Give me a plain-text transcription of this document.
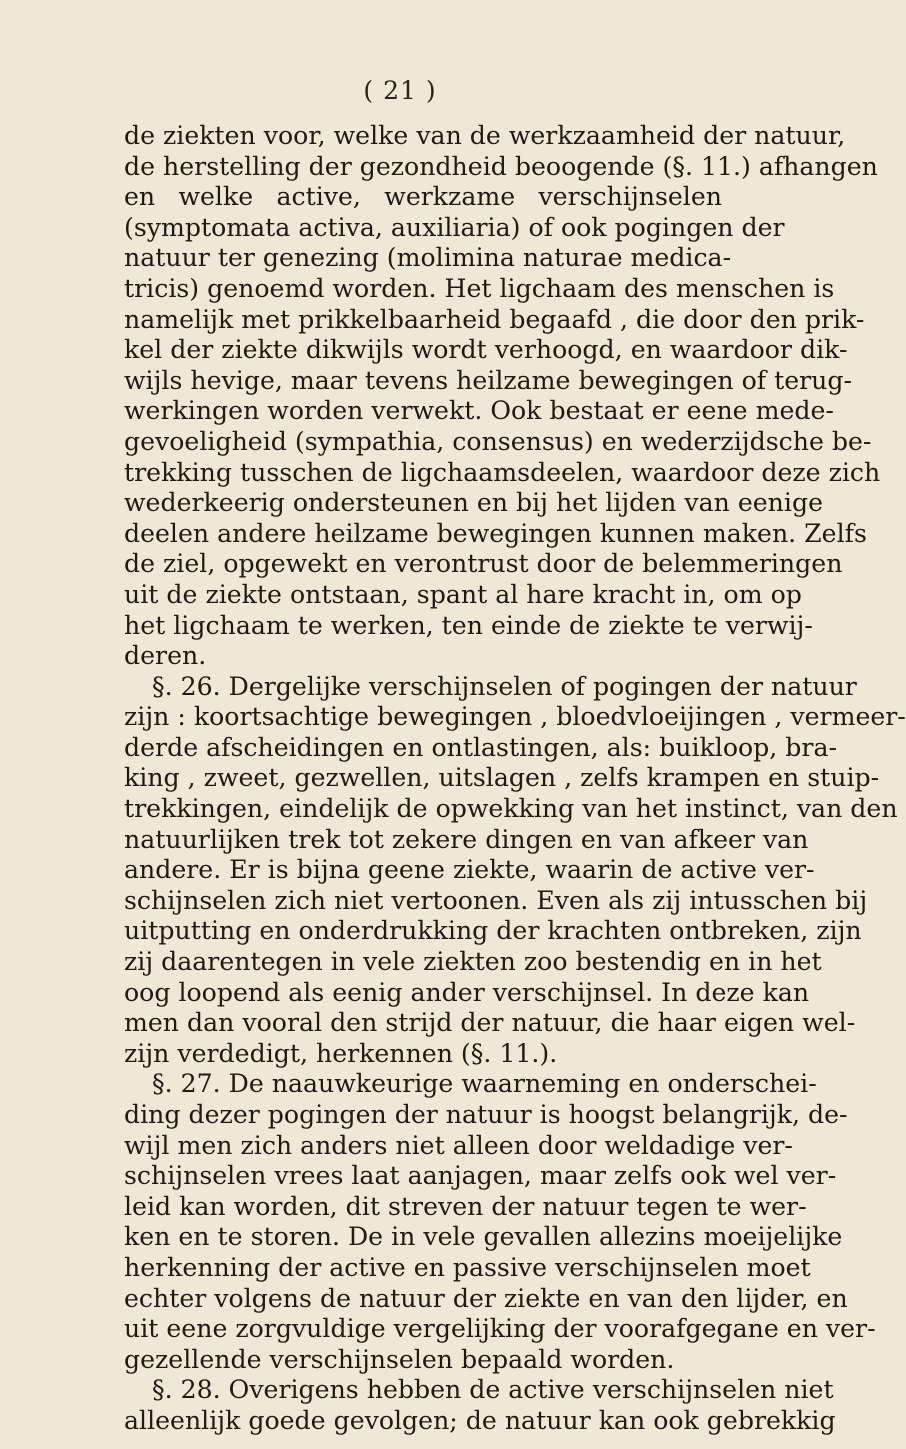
( 21 )
de ziekten voor, welke van de werkzaamheid der natuur,
de herstelling der gezondheid beoogende (§. 11.) afhangen
en welke active, werkzame verschijnselen
(symptomata activa, auxiliaria) of ook pogingen der
natuur ter genezing (molimina naturae medica-
tricis) genoemd worden. Het ligchaam des menschen is
namelijk met prikkelbaarheid begaafd , die door den prik-
kel der ziekte dikwijls wordt verhoogd, en waardoor dik-
wijls hevige, maar tevens heilzame bewegingen of terug-
werkingen worden verwekt. Ook bestaat er eene mede-
gevoeligheid (sympathia, consensus) en wederzijdsche be-
trekking tusschen de ligchaamsdeelen, waardoor deze zich
wederkeerig ondersteunen en bij het lijden van eenige
deelen andere heilzame bewegingen kunnen maken. Zelfs
de ziel, opgewekt en verontrust door de belemmeringen
uit de ziekte ontstaan, spant al hare kracht in, om op
het ligchaam te werken, ten einde de ziekte te verwij-
deren.
§. 26. Dergelijke verschijnselen of pogingen der natuur
zijn : koortsachtige bewegingen , bloedvloeijingen , vermeer-
derde afscheidingen en ontlastingen, als: buikloop, bra-
king , zweet, gezwellen, uitslagen , zelfs krampen en stuip-
trekkingen, eindelijk de opwekking van het instinct, van den
natuurlijken trek tot zekere dingen en van afkeer van
andere. Er is bijna geene ziekte, waarin de active ver-
schijnselen zich niet vertoonen. Even als zij intusschen bij
uitputting en onderdrukking der krachten ontbreken, zijn
zij daarentegen in vele ziekten zoo bestendig en in het
oog loopend als eenig ander verschijnsel. In deze kan
men dan vooral den strijd der natuur, die haar eigen wel-
zijn verdedigt, herkennen (§. 11.).
§. 27. De naauwkeurige waarneming en onderschei-
ding dezer pogingen der natuur is hoogst belangrijk, de-
wijl men zich anders niet alleen door weldadige ver-
schijnselen vrees laat aanjagen, maar zelfs ook wel ver-
leid kan worden, dit streven der natuur tegen te wer-
ken en te storen. De in vele gevallen allezins moeijelijke
herkenning der active en passive verschijnselen moet
echter volgens de natuur der ziekte en van den lijder, en
uit eene zorgvuldige vergelijking der voorafgegane en ver-
gezellende verschijnselen bepaald worden.
§. 28. Overigens hebben de active verschijnselen niet
alleenlijk goede gevolgen; de natuur kan ook gebrekkig
